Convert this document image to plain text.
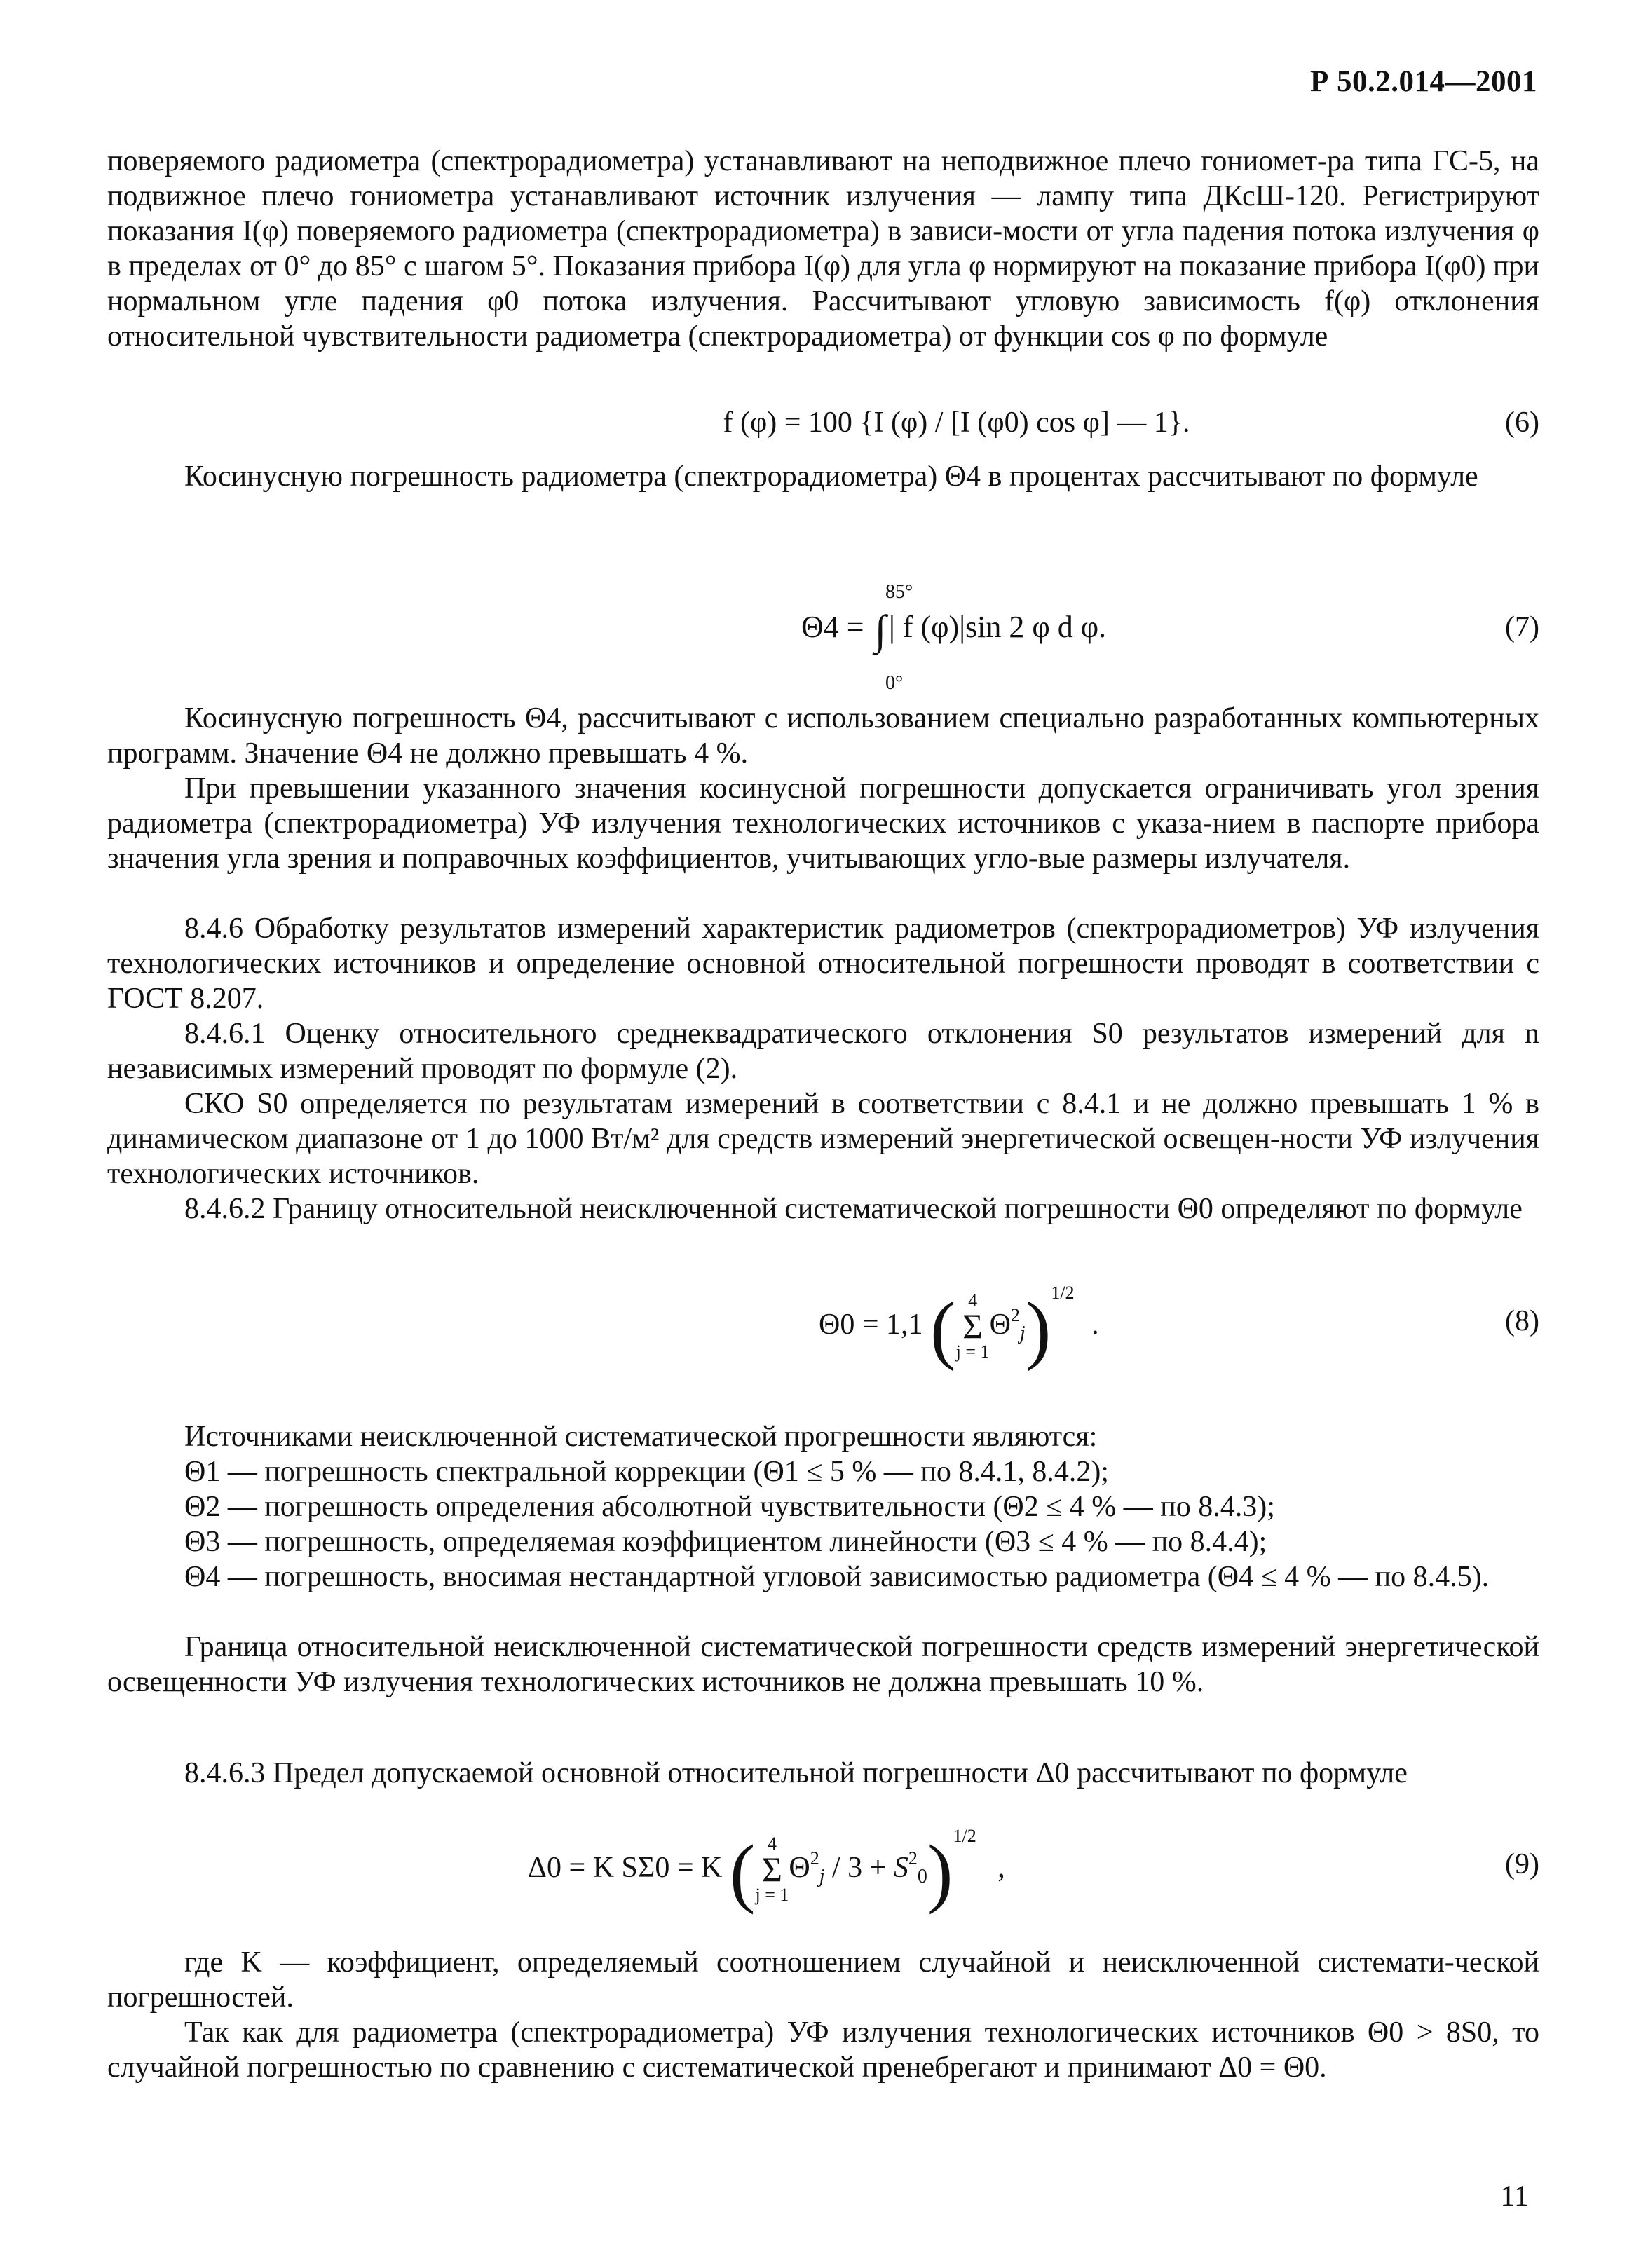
Р 50.2.014—2001

поверяемого радиометра (спектрорадиометра) устанавливают на неподвижное плечо гониомет-ра типа ГС-5, на подвижное плечо гониометра устанавливают источник излучения — лампу типа ДКсШ-120. Регистрируют показания I(φ) поверяемого радиометра (спектрорадиометра) в зависи-мости от угла падения потока излучения φ в пределах от 0° до 85° с шагом 5°. Показания прибора I(φ) для угла φ нормируют на показание прибора I(φ0) при нормальном угле падения φ0 потока излучения. Рассчитывают угловую зависимость f(φ) отклонения относительной чувствительности радиометра (спектрорадиометра) от функции cos φ по формуле

f (φ) = 100 {I (φ) / [I (φ0) cos φ] — 1}.	(6)

Косинусную погрешность радиометра (спектрорадиометра) Θ4 в процентах рассчитывают по формуле

85°
Θ4 = ∫| f (φ)|sin 2 φ d φ.
0°
(7)

Косинусную погрешность Θ4, рассчитывают с использованием специально разработанных компьютерных программ. Значение Θ4 не должно превышать 4 %.

При превышении указанного значения косинусной погрешности допускается ограничивать угол зрения радиометра (спектрорадиометра) УФ излучения технологических источников с указа-нием в паспорте прибора значения угла зрения и поправочных коэффициентов, учитывающих угло-вые размеры излучателя.

8.4.6 Обработку результатов измерений характеристик радиометров (спектрорадиометров) УФ излучения технологических источников и определение основной относительной погрешности проводят в соответствии с ГОСТ 8.207.

8.4.6.1 Оценку относительного среднеквадратического отклонения S0 результатов измерений для n независимых измерений проводят по формуле (2).

СКО S0 определяется по результатам измерений в соответствии с 8.4.1 и не должно превышать 1 % в динамическом диапазоне от 1 до 1000 Вт/м² для средств измерений энергетической освещен-ности УФ излучения технологических источников.

8.4.6.2 Границу относительной неисключенной систематической погрешности Θ0 определяют по формуле

Θ0 = 1,1 ( 4
Σ
j = 1
$\Theta^2_j)^{1/2}$ .	(8)

Источниками неисключенной систематической прогрешности являются:

Θ1 — погрешность спектральной коррекции (Θ1 ≤ 5 % — по 8.4.1, 8.4.2);

Θ2 — погрешность определения абсолютной чувствительности (Θ2 ≤ 4 % — по 8.4.3);

Θ3 — погрешность, определяемая коэффициентом линейности (Θ3 ≤ 4 % — по 8.4.4);

Θ4 — погрешность, вносимая нестандартной угловой зависимостью радиометра (Θ4 ≤ 4 % — по 8.4.5).

Граница относительной неисключенной систематической погрешности средств измерений энергетической освещенности УФ излучения технологических источников не должна превышать 10 %.

8.4.6.3 Предел допускаемой основной относительной погрешности Δ0 рассчитывают по формуле

Δ0 = K SΣ0 = K ( 4
Σ
j = 1
$\Theta^2_j / 3 + S^2_0)^{1/2}$ ,	(9)

где K — коэффициент, определяемый соотношением случайной и неисключенной системати-ческой погрешностей.

Так как для радиометра (спектрорадиометра) УФ излучения технологических источников Θ0 > 8S0, то случайной погрешностью по сравнению с систематической пренебрегают и принимают Δ0 = Θ0.

11
